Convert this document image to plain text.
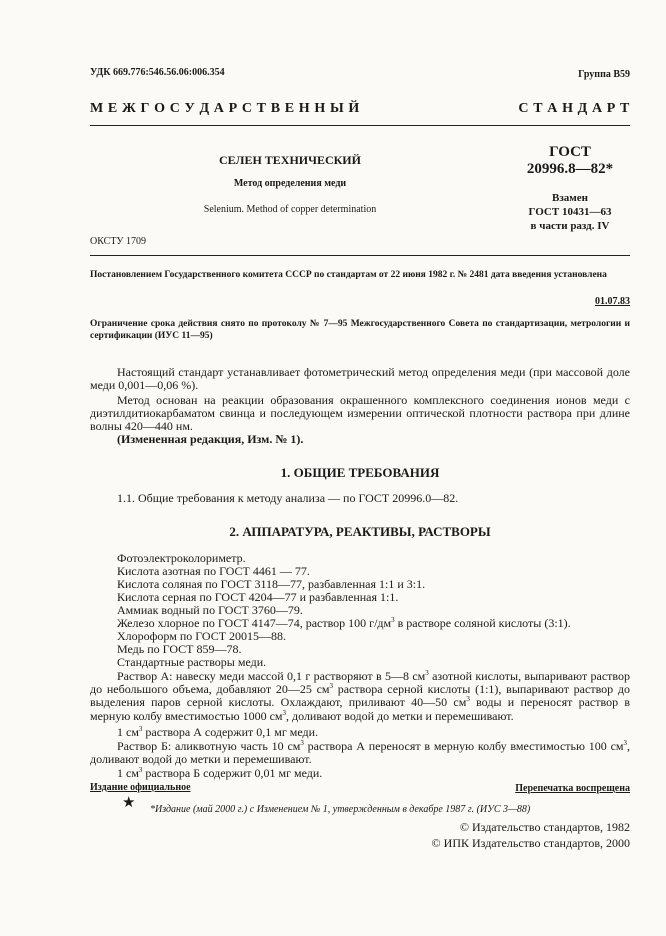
УДК 669.776:546.56.06:006.354	Группа В59
М Е Ж Г О С У Д А Р С Т В Е Н Н Ы Й	С Т А Н Д А Р Т
СЕЛЕН ТЕХНИЧЕСКИЙ
Метод определения меди
Selenium. Method of copper determination
ГОСТ
20996.8—82*
Взамен
ГОСТ 10431—63
в части разд. IV
ОКСТУ 1709
Постановлением Государственного комитета СССР по стандартам от 22 июня 1982 г. № 2481 дата введения установлена
01.07.83
Ограничение срока действия снято по протоколу № 7—95 Межгосударственного Совета по стандартизации, метрологии и сертификации (ИУС 11—95)
Настоящий стандарт устанавливает фотометрический метод определения меди (при массовой доле меди 0,001—0,06 %).
Метод основан на реакции образования окрашенного комплексного соединения ионов меди с диэтилдитиокарбаматом свинца и последующем измерении оптической плотности раствора при длине волны 420—440 нм.
(Измененная редакция, Изм. № 1).
1. ОБЩИЕ ТРЕБОВАНИЯ
1.1. Общие требования к методу анализа — по ГОСТ 20996.0—82.
2. АППАРАТУРА, РЕАКТИВЫ, РАСТВОРЫ
Фотоэлектроколориметр.
Кислота азотная по ГОСТ 4461 — 77.
Кислота соляная по ГОСТ 3118—77, разбавленная 1:1 и 3:1.
Кислота серная по ГОСТ 4204—77 и разбавленная 1:1.
Аммиак водный по ГОСТ 3760—79.
Железо хлорное по ГОСТ 4147—74, раствор 100 $г/дм^3$ в растворе соляной кислоты (3:1).
Хлороформ по ГОСТ 20015—88.
Медь по ГОСТ 859—78.
Стандартные растворы меди.
Раствор А: навеску меди массой 0,1 г растворяют в 5—8 $см^3$ азотной кислоты, выпаривают раствор до небольшого объема, добавляют 20—25 $см^3$ раствора серной кислоты (1:1), выпаривают раствор до выделения паров серной кислоты. Охлаждают, приливают 40—50 $см^3$ воды и переносят раствор в мерную колбу вместимостью 1000 $см^3$, доливают водой до метки и перемешивают.
1 $см^3$ раствора А содержит 0,1 мг меди.
Раствор Б: аликвотную часть 10 $см^3$ раствора А переносят в мерную колбу вместимостью 100 $см^3$, доливают водой до метки и перемешивают.
1 $см^3$ раствора Б содержит 0,01 мг меди.
Издание официальное	Перепечатка воспрещена
★ *Издание (май 2000 г.) с Изменением № 1, утвержденным в декабре 1987 г. (ИУС 3—88)
© Издательство стандартов, 1982
© ИПК Издательство стандартов, 2000
